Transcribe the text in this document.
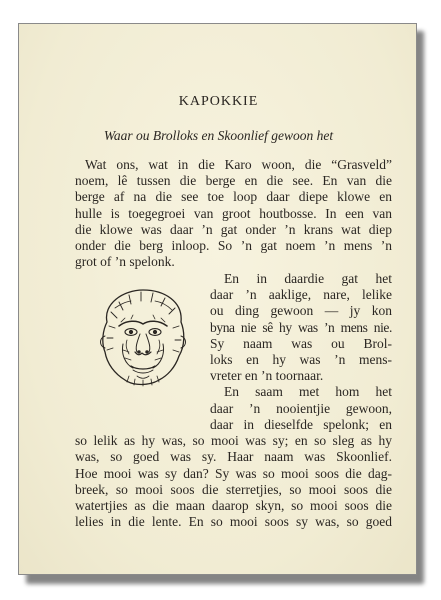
KAPOKKIE
Waar ou Brolloks en Skoonlief gewoon het
Wat ons, wat in die Karo woon, die “Grasveld”
noem, lê tussen die berge en die see. En van die
berge af na die see toe loop daar diepe klowe en
hulle is toegegroei van groot houtbosse. In een van
die klowe was daar ’n gat onder ’n krans wat diep
onder die berg inloop. So ’n gat noem ’n mens ’n
grot of ’n spelonk.
En in daardie gat het
daar ’n aaklige, nare, lelike
ou ding gewoon — jy kon
byna nie sê hy was ’n mens nie.
Sy naam was ou Brol-
loks en hy was ’n mens-
vreter en ’n toornaar.
En saam met hom het
daar ’n nooientjie gewoon,
daar in dieselfde spelonk; en
so lelik as hy was, so mooi was sy; en so sleg as hy
was, so goed was sy. Haar naam was Skoonlief.
Hoe mooi was sy dan? Sy was so mooi soos die dag-
breek, so mooi soos die sterretjies, so mooi soos die
watertjies as die maan daarop skyn, so mooi soos die
lelies in die lente. En so mooi soos sy was, so goed
